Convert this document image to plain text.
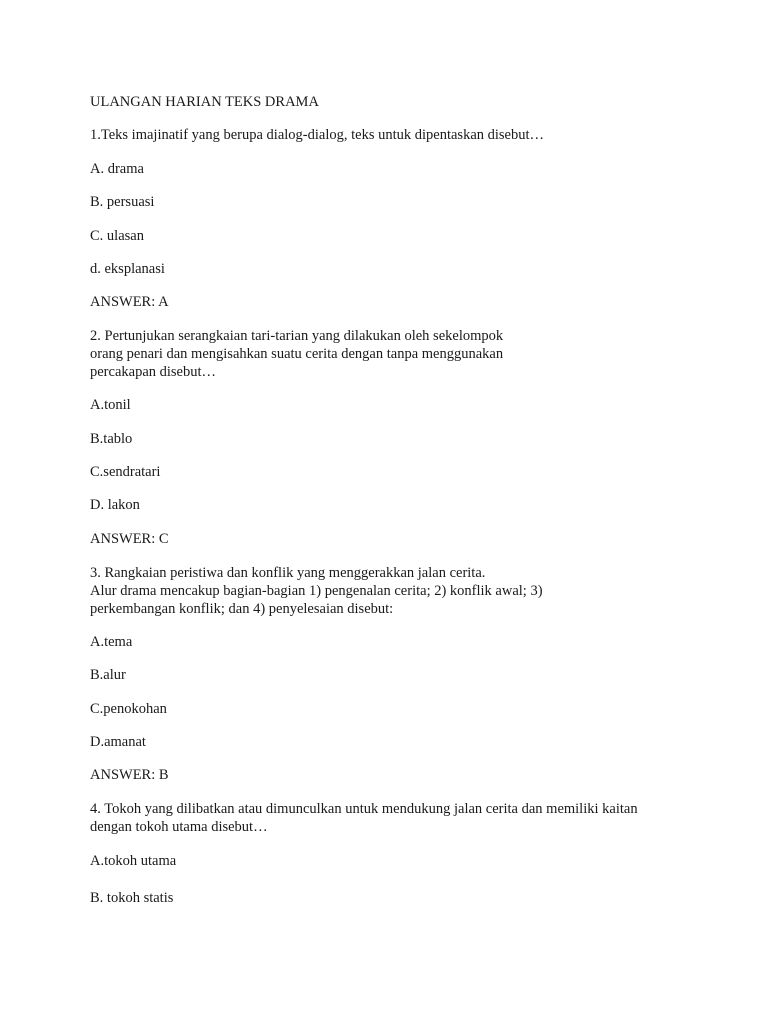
ULANGAN HARIAN TEKS DRAMA
1.Teks imajinatif yang berupa dialog-dialog, teks untuk dipentaskan disebut…
A. drama
B. persuasi
C. ulasan
d. eksplanasi
ANSWER: A
2. Pertunjukan serangkaian tari-tarian yang dilakukan oleh sekelompok
orang penari dan mengisahkan suatu cerita dengan tanpa menggunakan
percakapan disebut…
A.tonil
B.tablo
C.sendratari
D. lakon
ANSWER: C
3. Rangkaian peristiwa dan konflik yang menggerakkan jalan cerita.
Alur drama mencakup bagian-bagian 1) pengenalan cerita; 2) konflik awal; 3)
perkembangan konflik; dan 4) penyelesaian disebut:
A.tema
B.alur
C.penokohan
D.amanat
ANSWER: B
4. Tokoh yang dilibatkan atau dimunculkan untuk mendukung jalan cerita dan memiliki kaitan
dengan tokoh utama disebut…
A.tokoh utama
B. tokoh statis
